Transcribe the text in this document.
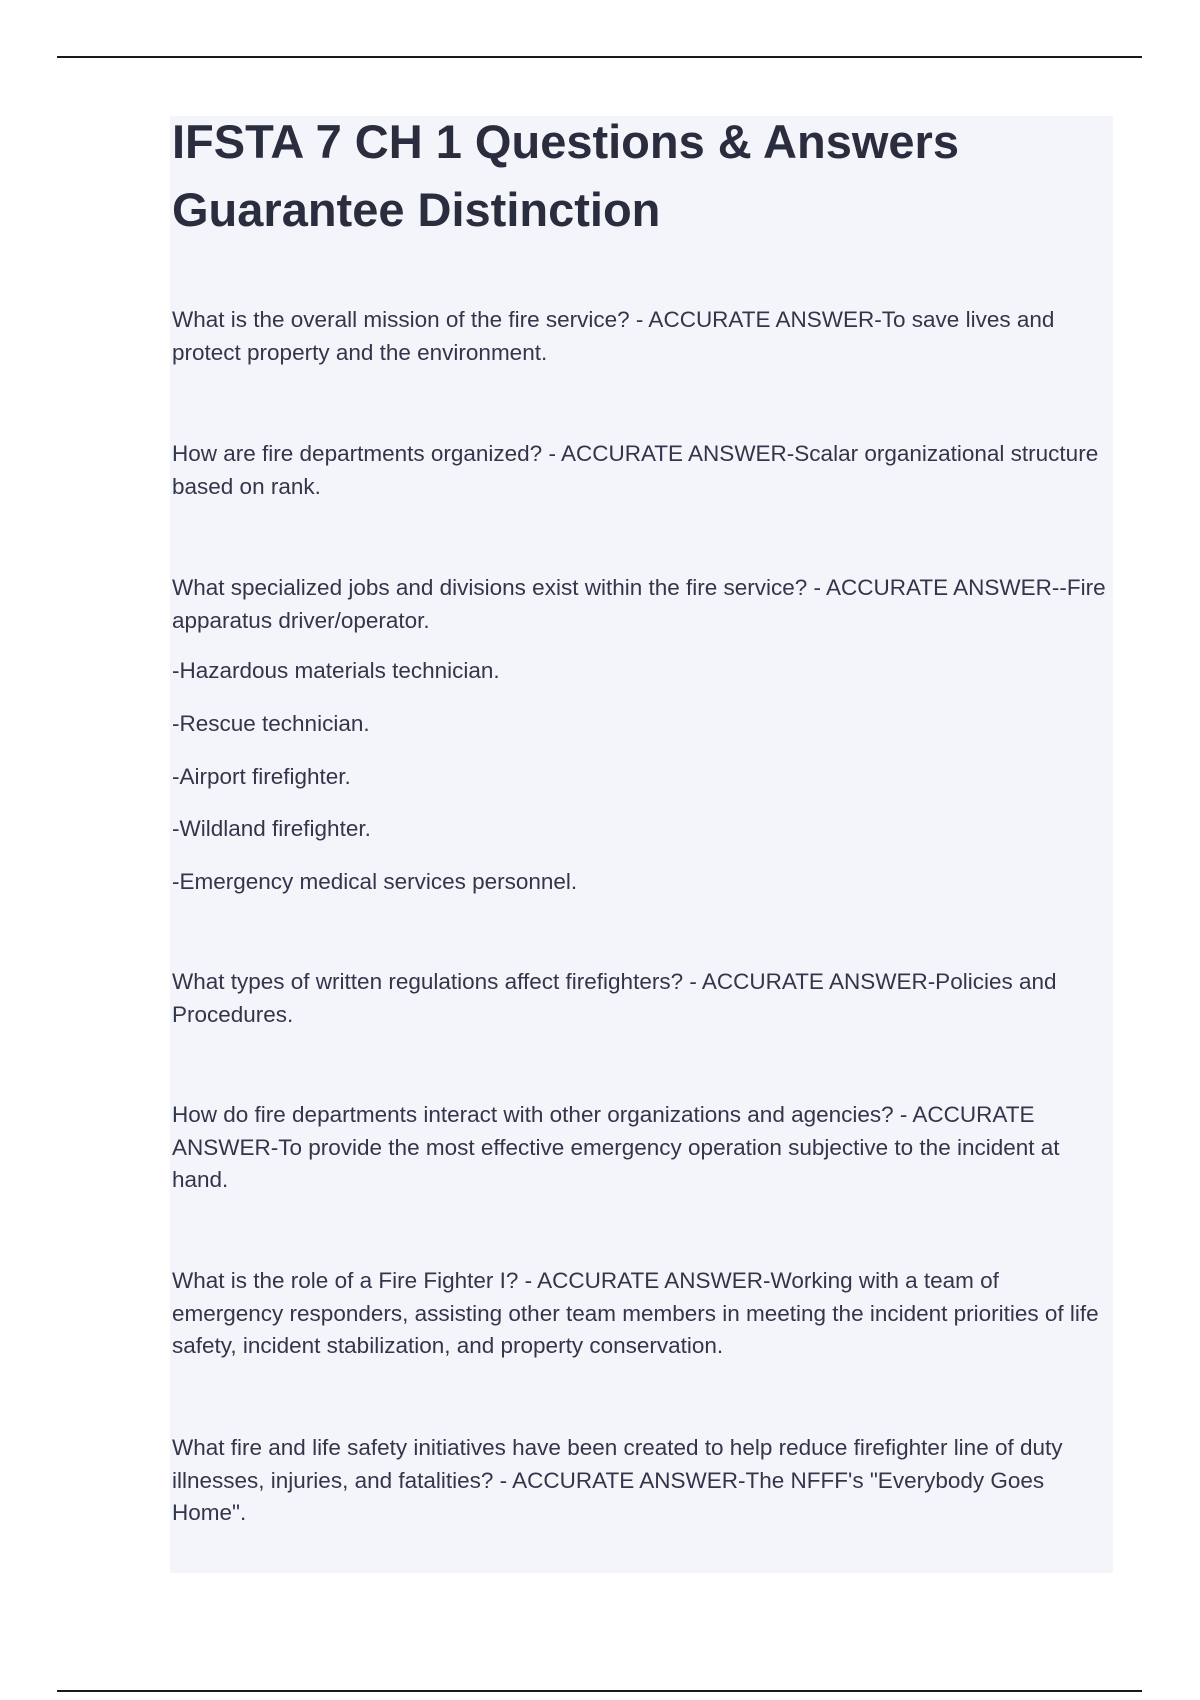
IFSTA 7 CH 1 Questions & Answers Guarantee Distinction

What is the overall mission of the fire service? - ACCURATE ANSWER-To save lives and protect property and the environment.

How are fire departments organized? - ACCURATE ANSWER-Scalar organizational structure based on rank.

What specialized jobs and divisions exist within the fire service? - ACCURATE ANSWER--Fire apparatus driver/operator.

-Hazardous materials technician.

-Rescue technician.

-Airport firefighter.

-Wildland firefighter.

-Emergency medical services personnel.

What types of written regulations affect firefighters? - ACCURATE ANSWER-Policies and Procedures.

How do fire departments interact with other organizations and agencies? - ACCURATE ANSWER-To provide the most effective emergency operation subjective to the incident at hand.

What is the role of a Fire Fighter I? - ACCURATE ANSWER-Working with a team of emergency responders, assisting other team members in meeting the incident priorities of life safety, incident stabilization, and property conservation.

What fire and life safety initiatives have been created to help reduce firefighter line of duty illnesses, injuries, and fatalities? - ACCURATE ANSWER-The NFFF's "Everybody Goes Home".
